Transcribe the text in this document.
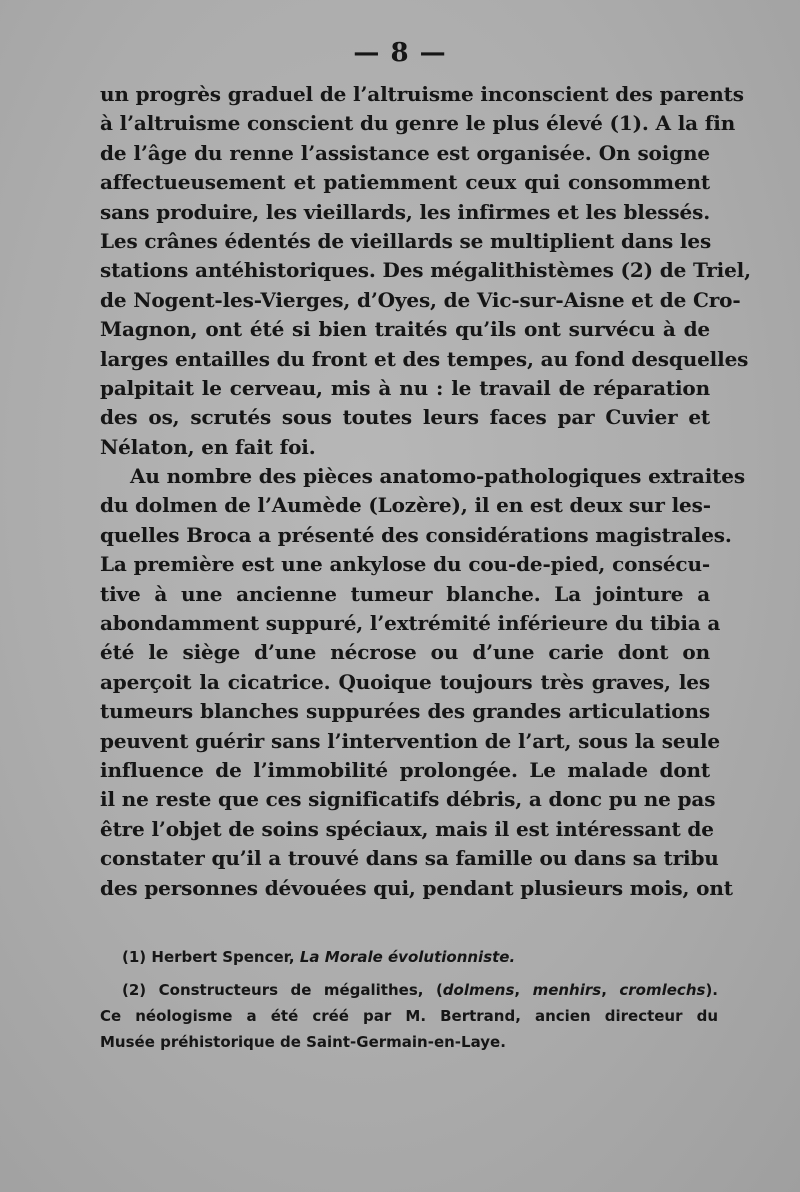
— 8 —
un progrès graduel de l’altruisme inconscient des parents
à l’altruisme conscient du genre le plus élevé (1). A la fin
de l’âge du renne l’assistance est organisée. On soigne
affectueusement et patiemment ceux qui consomment
sans produire, les vieillards, les infirmes et les blessés.
Les crânes édentés de vieillards se multiplient dans les
stations antéhistoriques. Des mégalithistèmes (2) de Triel,
de Nogent-les-Vierges, d’Oyes, de Vic-sur-Aisne et de Cro-
Magnon, ont été si bien traités qu’ils ont survécu à de
larges entailles du front et des tempes, au fond desquelles
palpitait le cerveau, mis à nu : le travail de réparation
des os, scrutés sous toutes leurs faces par Cuvier et
Nélaton, en fait foi.
Au nombre des pièces anatomo-pathologiques extraites
du dolmen de l’Aumède (Lozère), il en est deux sur les-
quelles Broca a présenté des considérations magistrales.
La première est une ankylose du cou-de-pied, consécu-
tive à une ancienne tumeur blanche. La jointure a
abondamment suppuré, l’extrémité inférieure du tibia a
été le siège d’une nécrose ou d’une carie dont on
aperçoit la cicatrice. Quoique toujours très graves, les
tumeurs blanches suppurées des grandes articulations
peuvent guérir sans l’intervention de l’art, sous la seule
influence de l’immobilité prolongée. Le malade dont
il ne reste que ces significatifs débris, a donc pu ne pas
être l’objet de soins spéciaux, mais il est intéressant de
constater qu’il a trouvé dans sa famille ou dans sa tribu
des personnes dévouées qui, pendant plusieurs mois, ont
(1) Herbert Spencer, La Morale évolutionniste.
(2) Constructeurs de mégalithes, (dolmens, menhirs, cromlechs).
Ce néologisme a été créé par M. Bertrand, ancien directeur du
Musée préhistorique de Saint-Germain-en-Laye.
